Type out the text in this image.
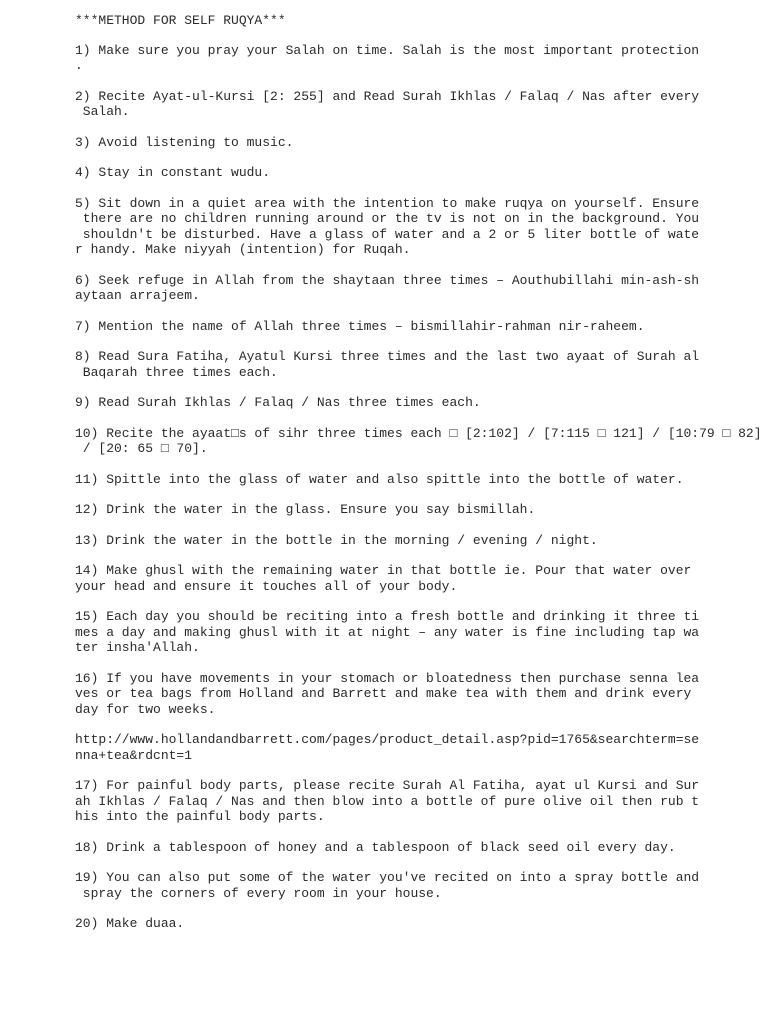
***METHOD FOR SELF RUQYA***

1) Make sure you pray your Salah on time. Salah is the most important protection
.

2) Recite Ayat-ul-Kursi [2: 255] and Read Surah Ikhlas / Falaq / Nas after every
Salah.

3) Avoid listening to music.

4) Stay in constant wudu.

5) Sit down in a quiet area with the intention to make ruqya on yourself. Ensure
there are no children running around or the tv is not on in the background. You
shouldn't be disturbed. Have a glass of water and a 2 or 5 liter bottle of wate
r handy. Make niyyah (intention) for Ruqah.

6) Seek refuge in Allah from the shaytaan three times – Aouthubillahi min-ash-sh
aytaan arrajeem.

7) Mention the name of Allah three times – bismillahir-rahman nir-raheem.

8) Read Sura Fatiha, Ayatul Kursi three times and the last two ayaat of Surah al
Baqarah three times each.

9) Read Surah Ikhlas / Falaq / Nas three times each.

10) Recite the ayaat□s of sihr three times each □ [2:102] / [7:115 □ 121] / [10:79 □ 82]
/ [20: 65 □ 70].

11) Spittle into the glass of water and also spittle into the bottle of water.

12) Drink the water in the glass. Ensure you say bismillah.

13) Drink the water in the bottle in the morning / evening / night.

14) Make ghusl with the remaining water in that bottle ie. Pour that water over
your head and ensure it touches all of your body.

15) Each day you should be reciting into a fresh bottle and drinking it three ti
mes a day and making ghusl with it at night – any water is fine including tap wa
ter insha'Allah.

16) If you have movements in your stomach or bloatedness then purchase senna lea
ves or tea bags from Holland and Barrett and make tea with them and drink every
day for two weeks.

http://www.hollandandbarrett.com/pages/product_detail.asp?pid=1765&searchterm=se
nna+tea&rdcnt=1

17) For painful body parts, please recite Surah Al Fatiha, ayat ul Kursi and Sur
ah Ikhlas / Falaq / Nas and then blow into a bottle of pure olive oil then rub t
his into the painful body parts.

18) Drink a tablespoon of honey and a tablespoon of black seed oil every day.

19) You can also put some of the water you've recited on into a spray bottle and
spray the corners of every room in your house.

20) Make duaa.
